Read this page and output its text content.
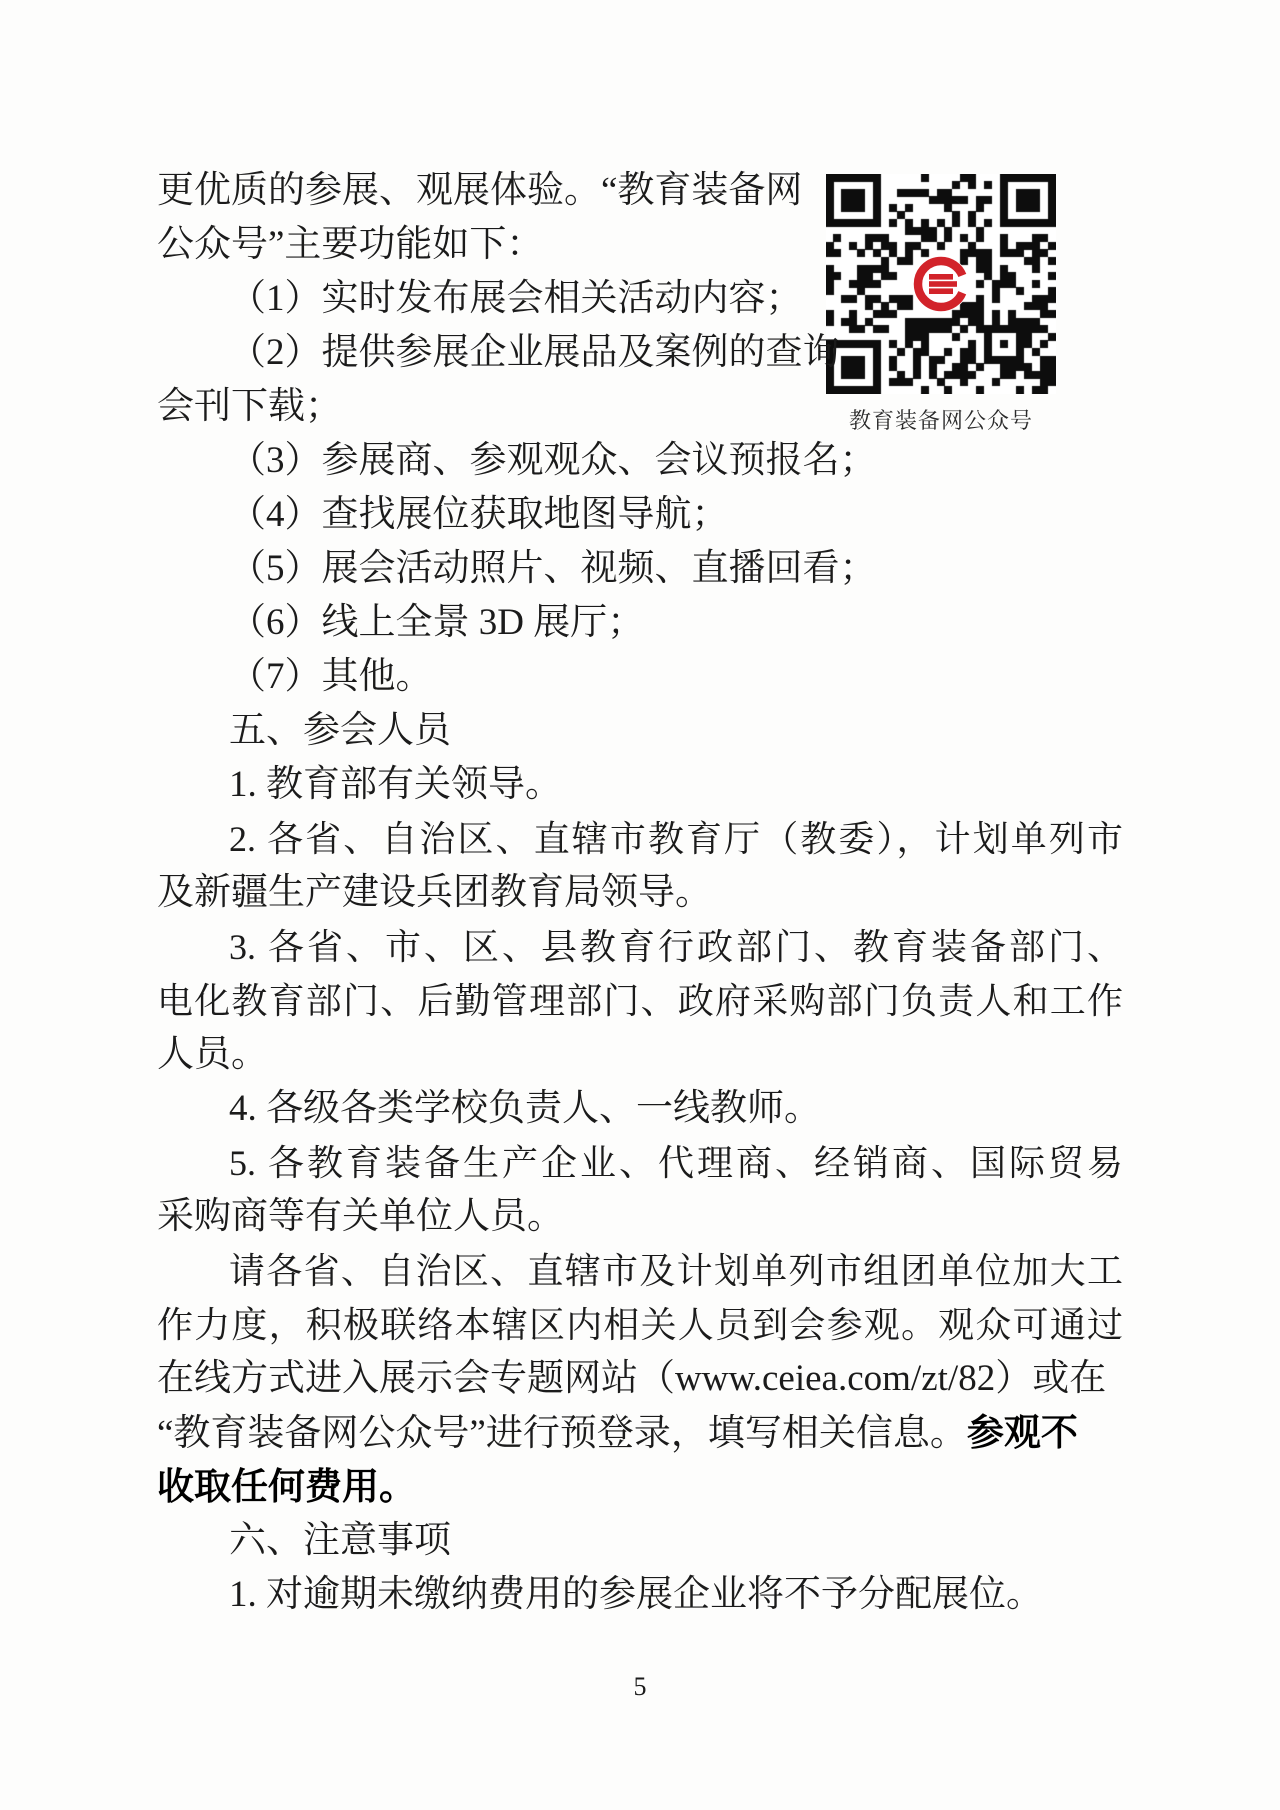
教育装备网公众号
更优质的参展、观展体验。“教育装备网
公众号”主要功能如下：
（1）实时发布展会相关活动内容；
（2）提供参展企业展品及案例的查询
会刊下载；
（3）参展商、参观观众、会议预报名；
（4）查找展位获取地图导航；
（5）展会活动照片、视频、直播回看；
（6）线上全景 3D 展厅；
（7）其他。
五、参会人员
1. 教育部有关领导。
2. 各省、自治区、直辖市教育厅（教委），计划单列市
及新疆生产建设兵团教育局领导。
3. 各省、市、区、县教育行政部门、教育装备部门、
电化教育部门、后勤管理部门、政府采购部门负责人和工作
人员。
4. 各级各类学校负责人、一线教师。
5. 各教育装备生产企业、代理商、经销商、国际贸易
采购商等有关单位人员。
请各省、自治区、直辖市及计划单列市组团单位加大工
作力度，积极联络本辖区内相关人员到会参观。观众可通过
在线方式进入展示会专题网站（www.ceiea.com/zt/82）或在
“教育装备网公众号”进行预登录，填写相关信息。参观不
收取任何费用。
六、注意事项
1. 对逾期未缴纳费用的参展企业将不予分配展位。
5
